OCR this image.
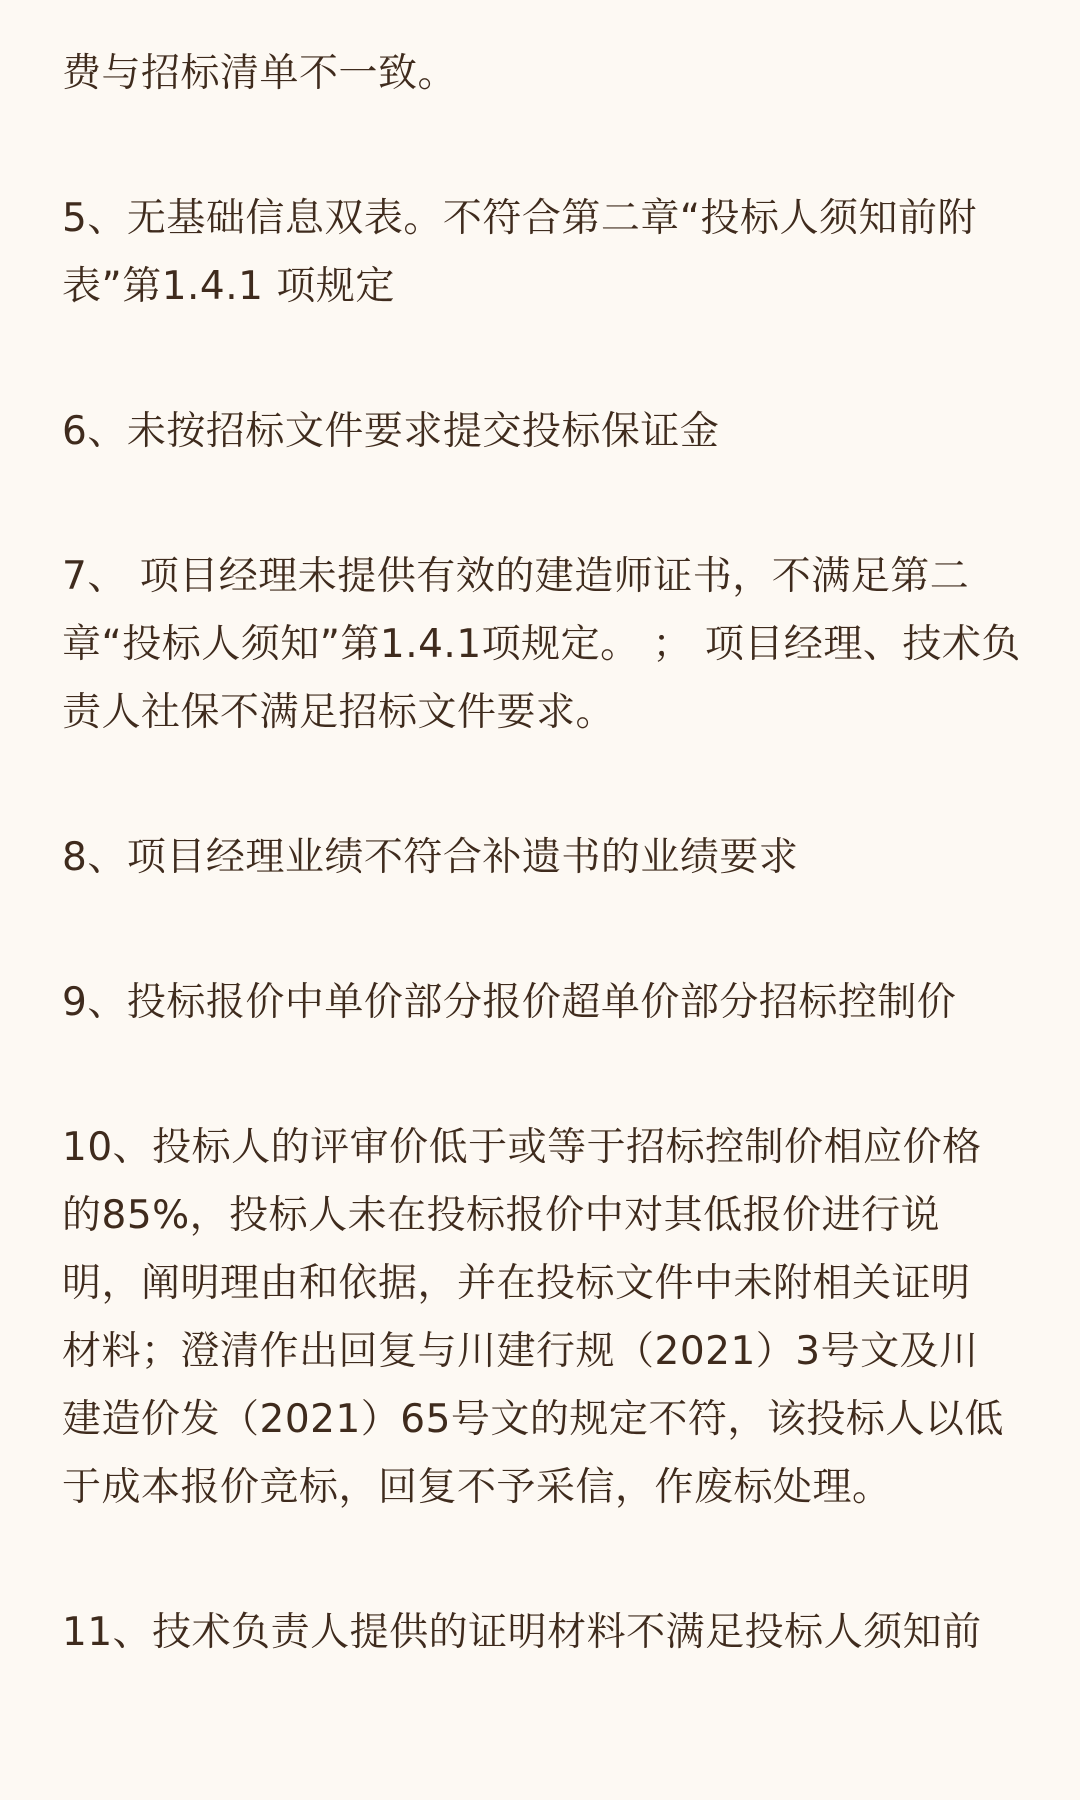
费与招标清单不一致。
5、无基础信息双表。不符合第二章“投标人须知前附
表”第1.4.1 项规定
6、未按招标文件要求提交投标保证金
7、 项目经理未提供有效的建造师证书，不满足第二
章“投标人须知”第1.4.1项规定。 ； 项目经理、技术负
责人社保不满足招标文件要求。
8、项目经理业绩不符合补遗书的业绩要求
9、投标报价中单价部分报价超单价部分招标控制价
10、投标人的评审价低于或等于招标控制价相应价格
的85%，投标人未在投标报价中对其低报价进行说
明，阐明理由和依据，并在投标文件中未附相关证明
材料；澄清作出回复与川建行规（2021）3号文及川
建造价发（2021）65号文的规定不符，该投标人以低
于成本报价竞标，回复不予采信，作废标处理。
11、技术负责人提供的证明材料不满足投标人须知前
